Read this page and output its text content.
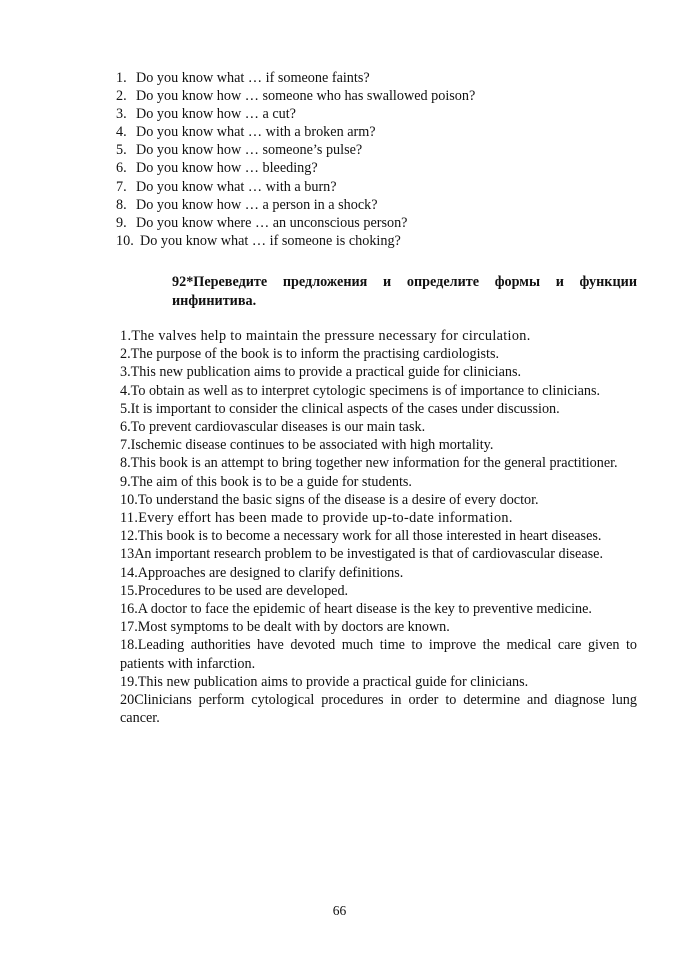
1. Do you know what … if someone faints?
2. Do you know how … someone who has swallowed poison?
3. Do you know how … a cut?
4. Do you know what … with a broken arm?
5. Do you know how … someone’s pulse?
6. Do you know how … bleeding?
7. Do you know what … with a burn?
8. Do you know how … a person in a shock?
9. Do you know where … an unconscious person?
10. Do you know what … if someone is choking?

92*Переведите предложения и определите формы и функции инфинитива.

1.The valves help to maintain the pressure necessary for circulation.
2.The purpose of the book is to inform the practising cardiologists.
3.This new publication aims to provide a practical guide for clinicians.
4.To obtain as well as to interpret cytologic specimens is of importance to clinicians.
5.It is important to consider the clinical aspects of the cases under discussion.
6.To prevent cardiovascular diseases is our main task.
7.Ischemic disease continues to be associated with high mortality.
8.This book is an attempt to bring together new information for the general practitioner.
9.The aim of this book is to be a guide for students.
10.To understand the basic signs of the disease is a desire of every doctor.
11.Every effort has been made to provide up-to-date information.
12.This book is to become a necessary work for all those interested in heart diseases.
13An important research problem to be investigated is that of cardiovascular disease.
14.Approaches are designed to clarify definitions.
15.Procedures to be used are developed.
16.A doctor to face the epidemic of heart disease is the key to preventive medicine.
17.Most symptoms to be dealt with by doctors are known.
18.Leading authorities have devoted much time to improve the medical care given to patients with infarction.
19.This new publication aims to provide a practical guide for clinicians.
20Clinicians perform cytological procedures in order to determine and diagnose lung cancer.
66
